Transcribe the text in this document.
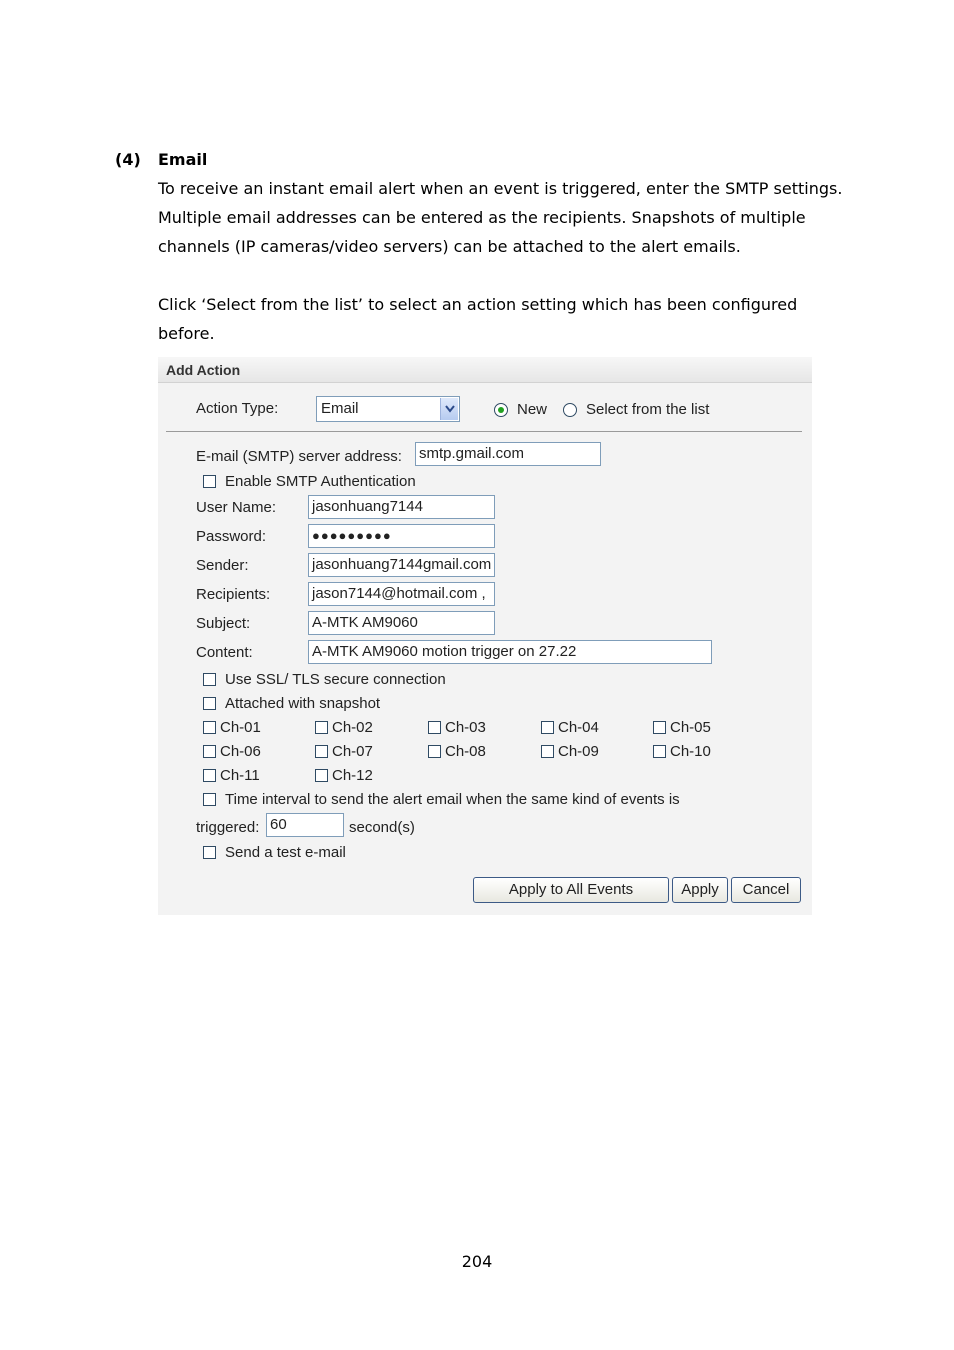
(4) Email

To receive an instant email alert when an event is triggered, enter the SMTP settings.

Multiple email addresses can be entered as the recipients. Snapshots of multiple

channels (IP cameras/video servers) can be attached to the alert emails.

Click ‘Select from the list’ to select an action setting which has been configured

before.

Add Action
Action Type:	Email	New	Select from the list
E-mail (SMTP) server address: smtp.gmail.com
Enable SMTP Authentication
User Name: jasonhuang7144
Password:	●●●●●●●●●
Sender:	jasonhuang7144gmail.com
Recipients:	jason7144@hotmail.com ,
Subject:	A-MTK AM9060
Content:	A-MTK AM9060 motion trigger on 27.22
Use SSL/ TLS secure connection
Attached with snapshot
Ch-01	Ch-02	Ch-03	Ch-04	Ch-05
Ch-06	Ch-07	Ch-08	Ch-09	Ch-10
Ch-11	Ch-12
Time interval to send the alert email when the same kind of events is
triggered: 60	second(s)
Send a test e-mail
Apply to All Events	Apply	Cancel
204
